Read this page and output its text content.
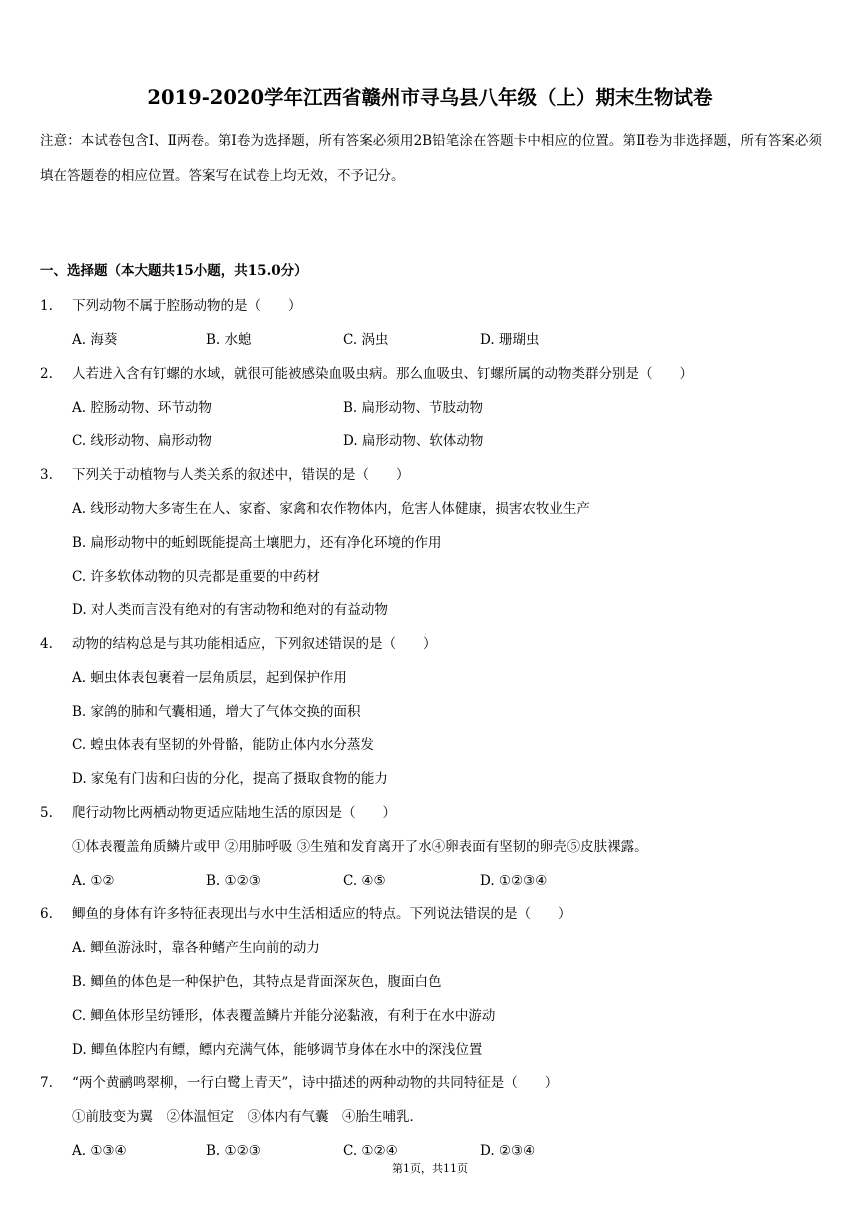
2019-2020学年江西省赣州市寻乌县八年级（上）期末生物试卷
注意：本试卷包含Ⅰ、Ⅱ两卷。第Ⅰ卷为选择题，所有答案必须用2B铅笔涂在答题卡中相应的位置。第Ⅱ卷为非选择题，所有答案必须填在答题卷的相应位置。答案写在试卷上均无效，不予记分。
一、选择题（本大题共15小题，共15.0分）
1. 下列动物不属于腔肠动物的是（　　）
A. 海葵	B. 水螅	C. 涡虫	D. 珊瑚虫
2. 人若进入含有钉螺的水域，就很可能被感染血吸虫病。那么血吸虫、钉螺所属的动物类群分别是（　　）
A. 腔肠动物、环节动物	B. 扁形动物、节肢动物
C. 线形动物、扁形动物	D. 扁形动物、软体动物
3. 下列关于动植物与人类关系的叙述中，错误的是（　　）
A. 线形动物大多寄生在人、家畜、家禽和农作物体内，危害人体健康，损害农牧业生产
B. 扁形动物中的蚯蚓既能提高土壤肥力，还有净化环境的作用
C. 许多软体动物的贝壳都是重要的中药材
D. 对人类而言没有绝对的有害动物和绝对的有益动物
4. 动物的结构总是与其功能相适应，下列叙述错误的是（　　）
A. 蛔虫体表包裹着一层角质层，起到保护作用
B. 家鸽的肺和气囊相通，增大了气体交换的面积
C. 蝗虫体表有坚韧的外骨骼，能防止体内水分蒸发
D. 家兔有门齿和臼齿的分化，提高了摄取食物的能力
5. 爬行动物比两栖动物更适应陆地生活的原因是（　　）
①体表覆盖角质鳞片或甲 ②用肺呼吸 ③生殖和发育离开了水④卵表面有坚韧的卵壳⑤皮肤裸露。
A. ①②	B. ①②③	C. ④⑤	D. ①②③④
6. 鲫鱼的身体有许多特征表现出与水中生活相适应的特点。下列说法错误的是（　　）
A. 鲫鱼游泳时，靠各种鳍产生向前的动力
B. 鲫鱼的体色是一种保护色，其特点是背面深灰色，腹面白色
C. 鲫鱼体形呈纺锤形，体表覆盖鳞片并能分泌黏液，有利于在水中游动
D. 鲫鱼体腔内有鳔，鳔内充满气体，能够调节身体在水中的深浅位置
7. “两个黄鹂鸣翠柳，一行白鹭上青天”，诗中描述的两种动物的共同特征是（　　）
①前肢变为翼　②体温恒定　③体内有气囊　④胎生哺乳．
A. ①③④	B. ①②③	C. ①②④	D. ②③④
第1页，共11页
